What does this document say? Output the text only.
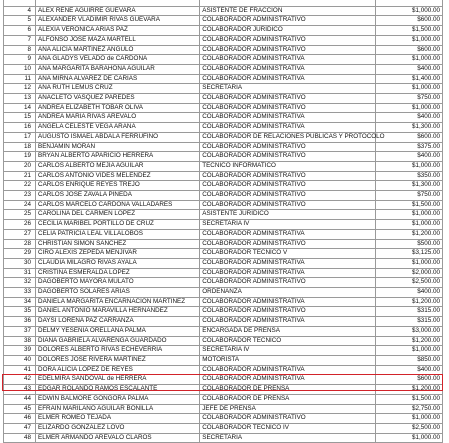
4	ALEX RENE AGUIRRE GUEVARA	ASISTENTE DE FRACCION	$1,000.00
5	ALEXANDER VLADIMIR RIVAS GUEVARA	COLABORADOR ADMINISTRATIVO	$600.00
6	ALEXIA VERONICA ARIAS PAZ	COLABORADOR JURIDICO	$1,500.00
7	ALFONSO JOSE MAZA MARTELL	COLABORADOR ADMINISTRATIVO	$1,000.00
8	ANA ALICIA MARTINEZ ANGULO	COLABORADOR ADMINISTRATIVO	$600.00
9	ANA GLADYS VELADO de CARDONA	COLABORADOR ADMINISTRATIVA	$1,000.00
10	ANA MARGARITA BARAHONA AGUILAR	COLABORADOR ADMINISTRATIVA	$400.00
11	ANA MIRNA ALVAREZ DE CARIAS	COLABORADOR ADMINISTRATIVA	$1,400.00
12	ANA RUTH LEMUS CRUZ	SECRETARIA	$1,000.00
13	ANACLETO VASQUEZ PAREDES	COLABORADOR ADMINISTRATIVO	$750.00
14	ANDREA ELIZABETH TOBAR OLIVA	COLABORADOR ADMINISTRATIVO	$1,000.00
15	ANDREA MARIA RIVAS AREVALO	COLABORADOR ADMINISTRATIVA	$400.00
16	ANGELA CELESTE VEGA ARANA	COLABORADOR ADMINISTRATIVA	$1,300.00
17	AUGUSTO ISMAEL ABDALA FERRUFINO	COLABORADOR DE RELACIONES PUBLICAS Y PROTOCOLO	$600.00
18	BENJAMIN MORAN	COLABORADOR ADMINISTRATIVO	$375.00
19	BRYAN ALBERTO APARICIO HERRERA	COLABORADOR ADMINISTRATIVO	$400.00
20	CARLOS ALBERTO MEJIA AGUILAR	TECNICO INFORMATICO	$1,000.00
21	CARLOS ANTONIO VIDES MELENDEZ	COLABORADOR ADMINISTRATIVO	$350.00
22	CARLOS ENRIQUE REYES TREJO	COLABORADOR ADMINISTRATIVO	$1,300.00
23	CARLOS JOSE ZAVALA PINEDA	COLABORADOR ADMINISTRATIVO	$750.00
24	CARLOS MARCELO CARDONA VALLADARES	COLABORADOR ADMINISTRATIVO	$1,500.00
25	CAROLINA DEL CARMEN LOPEZ	ASISTENTE JURIDICO	$1,000.00
26	CECILIA MARIBEL PORTILLO DE CRUZ	SECRETARIA IV	$1,000.00
27	CELIA PATRICIA LEAL VILLALOBOS	COLABORADOR ADMINISTRATIVA	$1,200.00
28	CHRISTIAN SIMON SANCHEZ	COLABORADOR ADMINISTRATIVO	$500.00
29	CIRO ALEXIS ZEPEDA MENJIVAR	COLABORADOR TECNICO V	$3,125.00
30	CLAUDIA MILAGRO RIVAS AYALA	COLABORADOR ADMINISTRATIVA	$1,000.00
31	CRISTINA ESMERALDA LOPEZ	COLABORADOR ADMINISTRATIVA	$2,000.00
32	DAGOBERTO MAYORA MULATO	COLABORADOR ADMINISTRATIVO	$2,500.00
33	DAGOBERTO SOLARES ARIAS	ORDENANZA	$400.00
34	DANIELA MARGARITA ENCARNACION MARTINEZ	COLABORADOR ADMINISTRATIVA	$1,200.00
35	DANIEL ANTONIO MARAVILLA HERNANDEZ	COLABORADOR ADMINISTRATIVO	$315.00
36	DAYSI LORENA PAZ CARRANZA	COLABORADOR ADMINISTRATIVA	$315.00
37	DELMY YESENIA ORELLANA PALMA	ENCARGADA DE PRENSA	$3,000.00
38	DIANA GABRIELA ALVARENGA GUARDADO	COLABORADOR TECNICO	$1,200.00
39	DOLORES ALBERTO RIVAS ECHEVERRIA	SECRETARIA IV	$1,000.00
40	DOLORES JOSE RIVERA MARTINEZ	MOTORISTA	$850.00
41	DORA ALICIA LOPEZ DE REYES	COLABORADOR ADMINISTRATIVA	$400.00
42	EDELMIRA SANDOVAL de HERRERA	COLABORADOR ADMINISTRATIVA	$600.00
43	EDGAR ROLANDO RAMOS ESCALANTE	COLABORADOR DE PRENSA	$1,200.00
44	EDWIN BALMORE GONGORA PALMA	COLABORADOR DE PRENSA	$1,500.00
45	EFRAIN MARILANO AGUILAR BONILLA	JEFE DE PRENSA	$2,750.00
46	ELMER ROMEO TEJADA	COLABORADOR ADMINISTRATIVO	$1,000.00
47	ELIZARDO GONZALEZ LOVO	COLABORADOR TECNICO IV	$2,500.00
48	ELMER ARMANDO AREVALO CLAROS	SECRETARIA	$1,000.00
